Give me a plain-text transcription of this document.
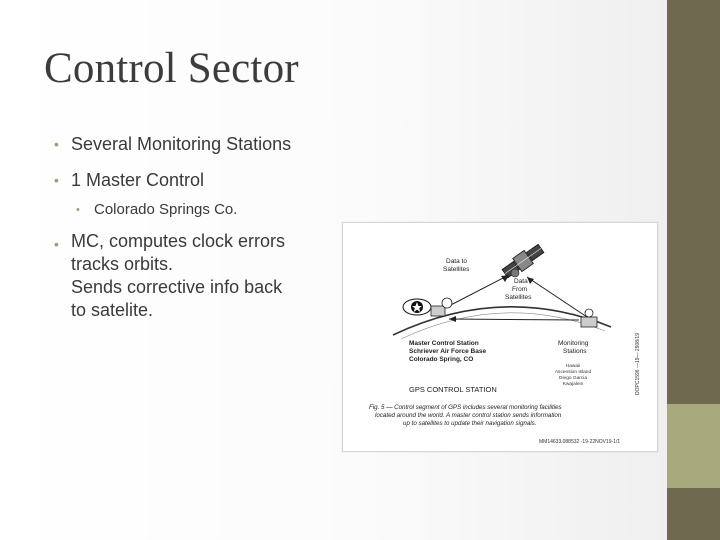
Control Sector
• Several Monitoring Stations
• 1 Master Control
• Colorado Springs Co.
• MC, computes clock errors
tracks orbits.
Sends corrective info back
to satelite.
Data to
Satellites
Data
From
Satellites
Master Control Station
Schriever Air Force Base
Colorado Spring, CO
Monitoring
Stations
Hawaii
Ascension Island
Diego Garcia
Kwajalein
GPS CONTROL STATION	DOPC1596 —19— 2908/19
Fig. 5 — Control segment of GPS includes several monitoring facilities
located around the world. A master control station sends information
up to satellites to update their navigation signals.
MM14633,088532 -19-22NOV19-1/1
